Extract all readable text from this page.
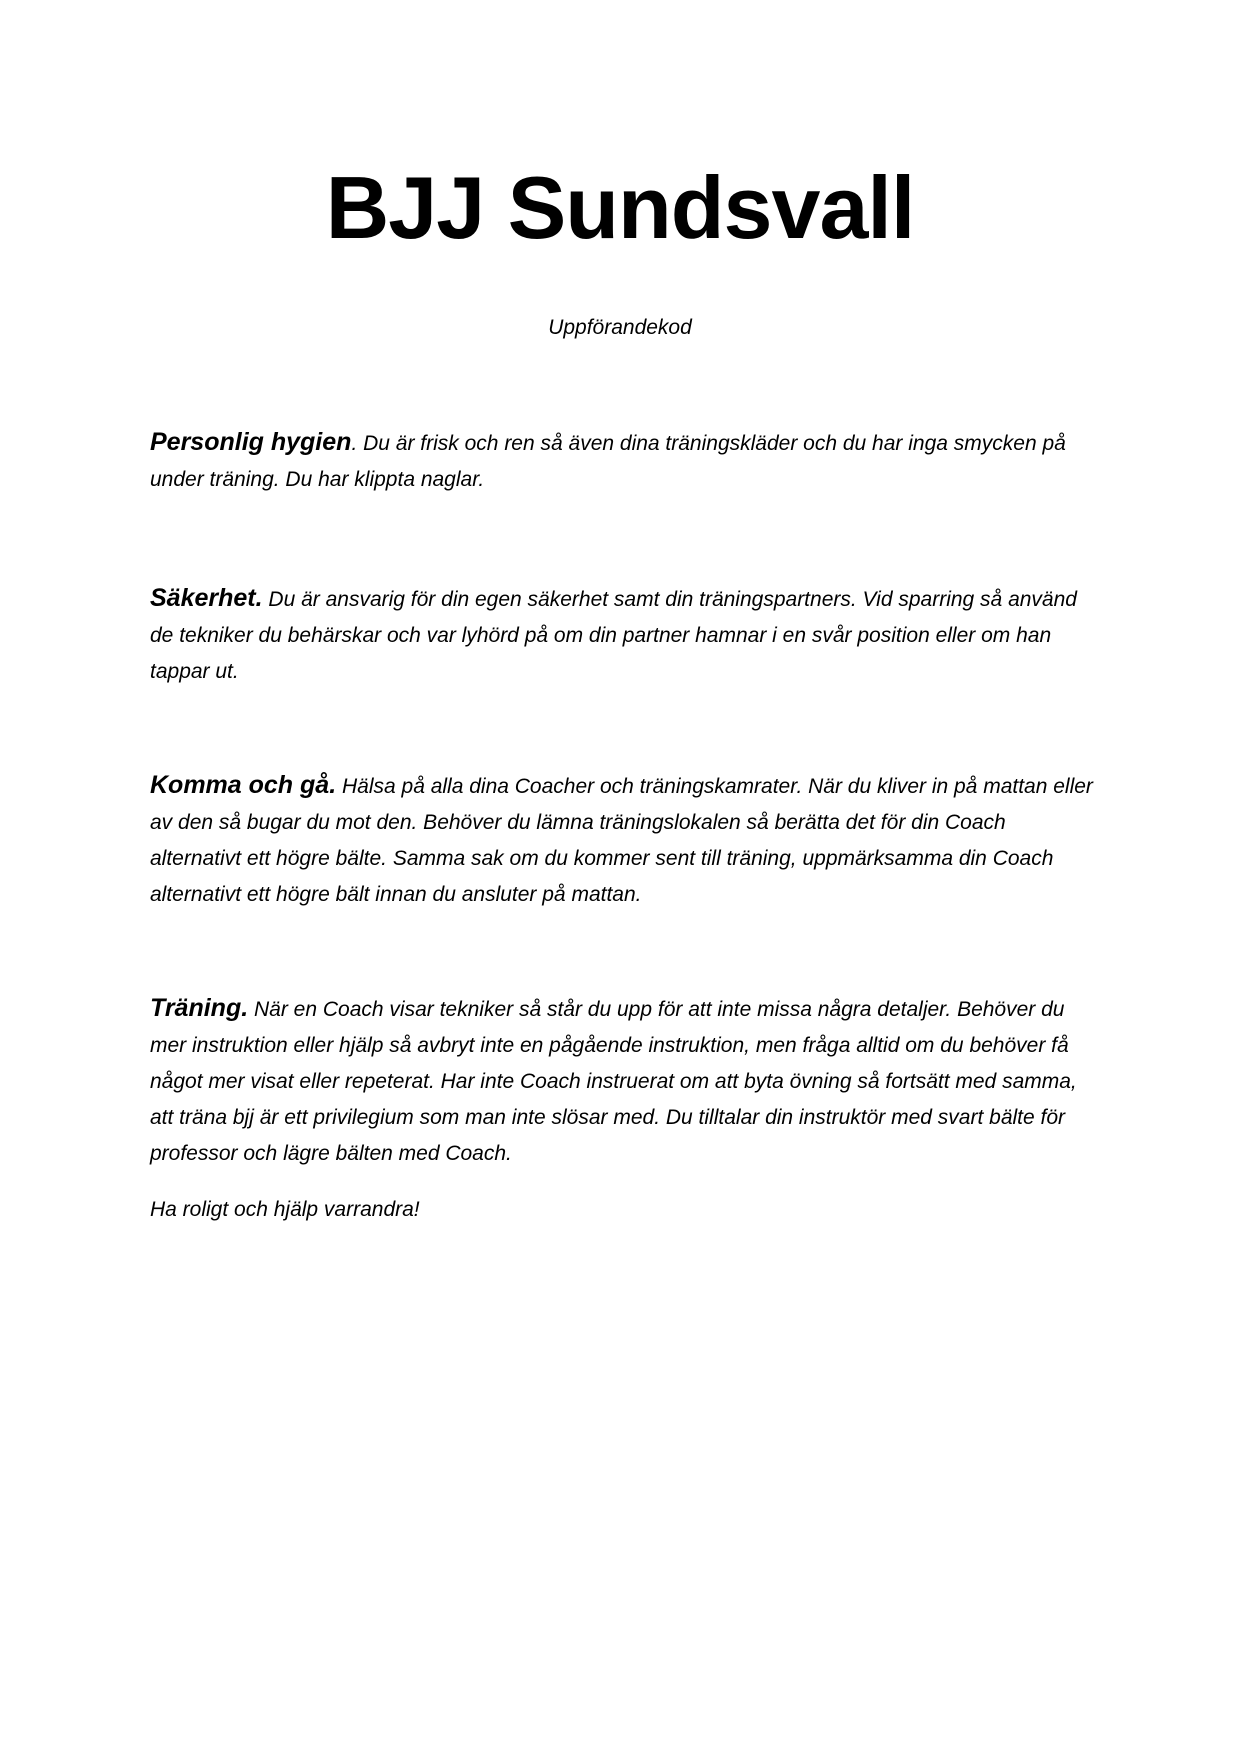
BJJ Sundsvall

Uppförandekod

Personlig hygien. Du är frisk och ren så även dina träningskläder och du har inga smycken på under träning. Du har klippta naglar.

Säkerhet. Du är ansvarig för din egen säkerhet samt din träningspartners. Vid sparring så använd de tekniker du behärskar och var lyhörd på om din partner hamnar i en svår position eller om han tappar ut.

Komma och gå. Hälsa på alla dina Coacher och träningskamrater. När du kliver in på mattan eller av den så bugar du mot den. Behöver du lämna träningslokalen så berätta det för din Coach alternativt ett högre bälte. Samma sak om du kommer sent till träning, uppmärksamma din Coach alternativt ett högre bält innan du ansluter på mattan.

Träning. När en Coach visar tekniker så står du upp för att inte missa några detaljer. Behöver du mer instruktion eller hjälp så avbryt inte en pågående instruktion, men fråga alltid om du behöver få något mer visat eller repeterat. Har inte Coach instruerat om att byta övning så fortsätt med samma, att träna bjj är ett privilegium som man inte slösar med. Du tilltalar din instruktör med svart bälte för professor och lägre bälten med Coach.

Ha roligt och hjälp varrandra!
